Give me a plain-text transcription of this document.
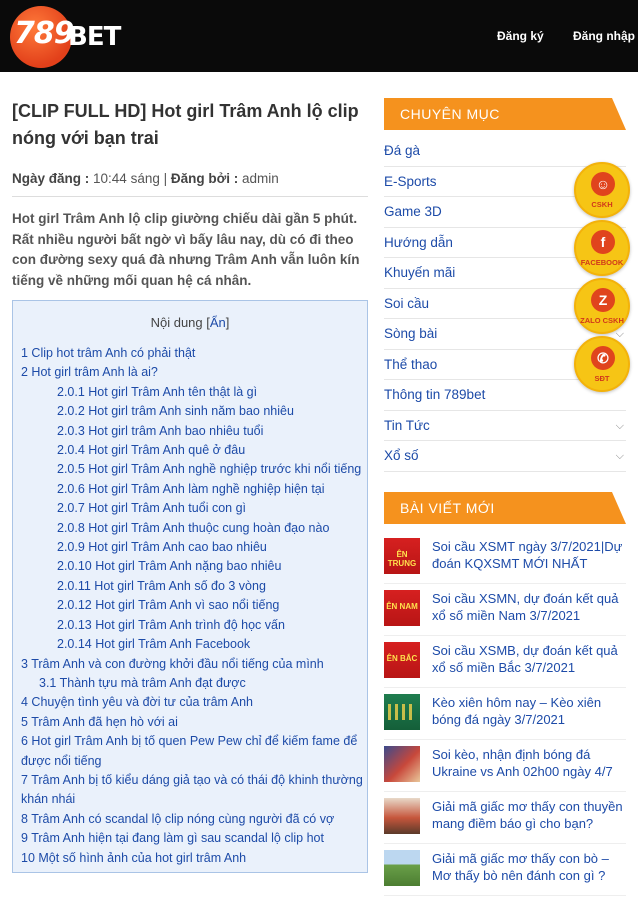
789
BET	Đăng ký Đăng nhập
[CLIP FULL HD] Hot girl Trâm Anh lộ clip nóng với bạn trai
Ngày đăng : 10:44 sáng | Đăng bởi : admin

Hot girl Trâm Anh lộ clip giường chiếu dài gần 5 phút. Rất nhiều người bất ngờ vì bấy lâu nay, dù có đi theo con đường sexy quá đà nhưng Trâm Anh vẫn luôn kín tiếng về những mối quan hệ cá nhân.

Nội dung [Ẩn]
1 Clip hot trâm Anh có phải thật
2 Hot girl trâm Anh là ai?
2.0.1 Hot girl Trâm Anh tên thật là gì
2.0.2 Hot girl trâm Anh sinh năm bao nhiêu
2.0.3 Hot girl trâm Anh bao nhiêu tuổi
2.0.4 Hot girl Trâm Anh quê ở đâu
2.0.5 Hot girl Trâm Anh nghề nghiệp trước khi nổi tiếng
2.0.6 Hot girl Trâm Anh làm nghề nghiệp hiện tại
2.0.7 Hot girl Trâm Anh tuổi con gì
2.0.8 Hot girl Trâm Anh thuộc cung hoàn đạo nào
2.0.9 Hot girl Trâm Anh cao bao nhiêu
2.0.10 Hot girl Trâm Anh nặng bao nhiêu
2.0.11 Hot girl Trâm Anh số đo 3 vòng
2.0.12 Hot girl Trâm Anh vì sao nổi tiếng
2.0.13 Hot girl Trâm Anh trình độ học vấn
2.0.14 Hot girl Trâm Anh Facebook
3 Trâm Anh và con đường khởi đầu nổi tiếng của mình
3.1 Thành tựu mà trâm Anh đạt được
4 Chuyện tình yêu và đời tư của trâm Anh
5 Trâm Anh đã hẹn hò với ai
6 Hot girl Trâm Anh bị tố quen Pew Pew chỉ để kiếm fame để được nổi tiếng
7 Trâm Anh bị tố kiểu dáng giả tạo và có thái độ khinh thường khán nhái
8 Trâm Anh có scandal lộ clip nóng cùng người đã có vợ
9 Trâm Anh hiện tại đang làm gì sau scandal lộ clip hot
10 Một số hình ảnh của hot girl trâm Anh
CHUYÊN MỤC
Đá gà
E-Sports
Game 3D
Hướng dẫn
Khuyến mãi
Soi cầu
Sòng bài	⌵
Thể thao
Thông tin 789bet
Tin Tức	⌵
Xổ số	⌵
BÀI VIẾT MỚI
ÊN TRUNG
Soi cầu XSMT ngày 3/7/2021|Dự đoán KQXSMT MỚI NHẤT
ÊN NAM
Soi cầu XSMN, dự đoán kết quả xổ số miền Nam 3/7/2021
ÊN BẮC
Soi cầu XSMB, dự đoán kết quả xổ số miền Bắc 3/7/2021
Kèo xiên hôm nay – Kèo xiên bóng đá ngày 3/7/2021
Soi kèo, nhận định bóng đá Ukraine vs Anh 02h00 ngày 4/7
Giải mã giấc mơ thấy con thuyền mang điềm báo gì cho bạn?
Giải mã giấc mơ thấy con bò – Mơ thấy bò nên đánh con gì ?
☺
CSKH
f
FACEBOOK
Z
ZALO CSKH
✆
SĐT
